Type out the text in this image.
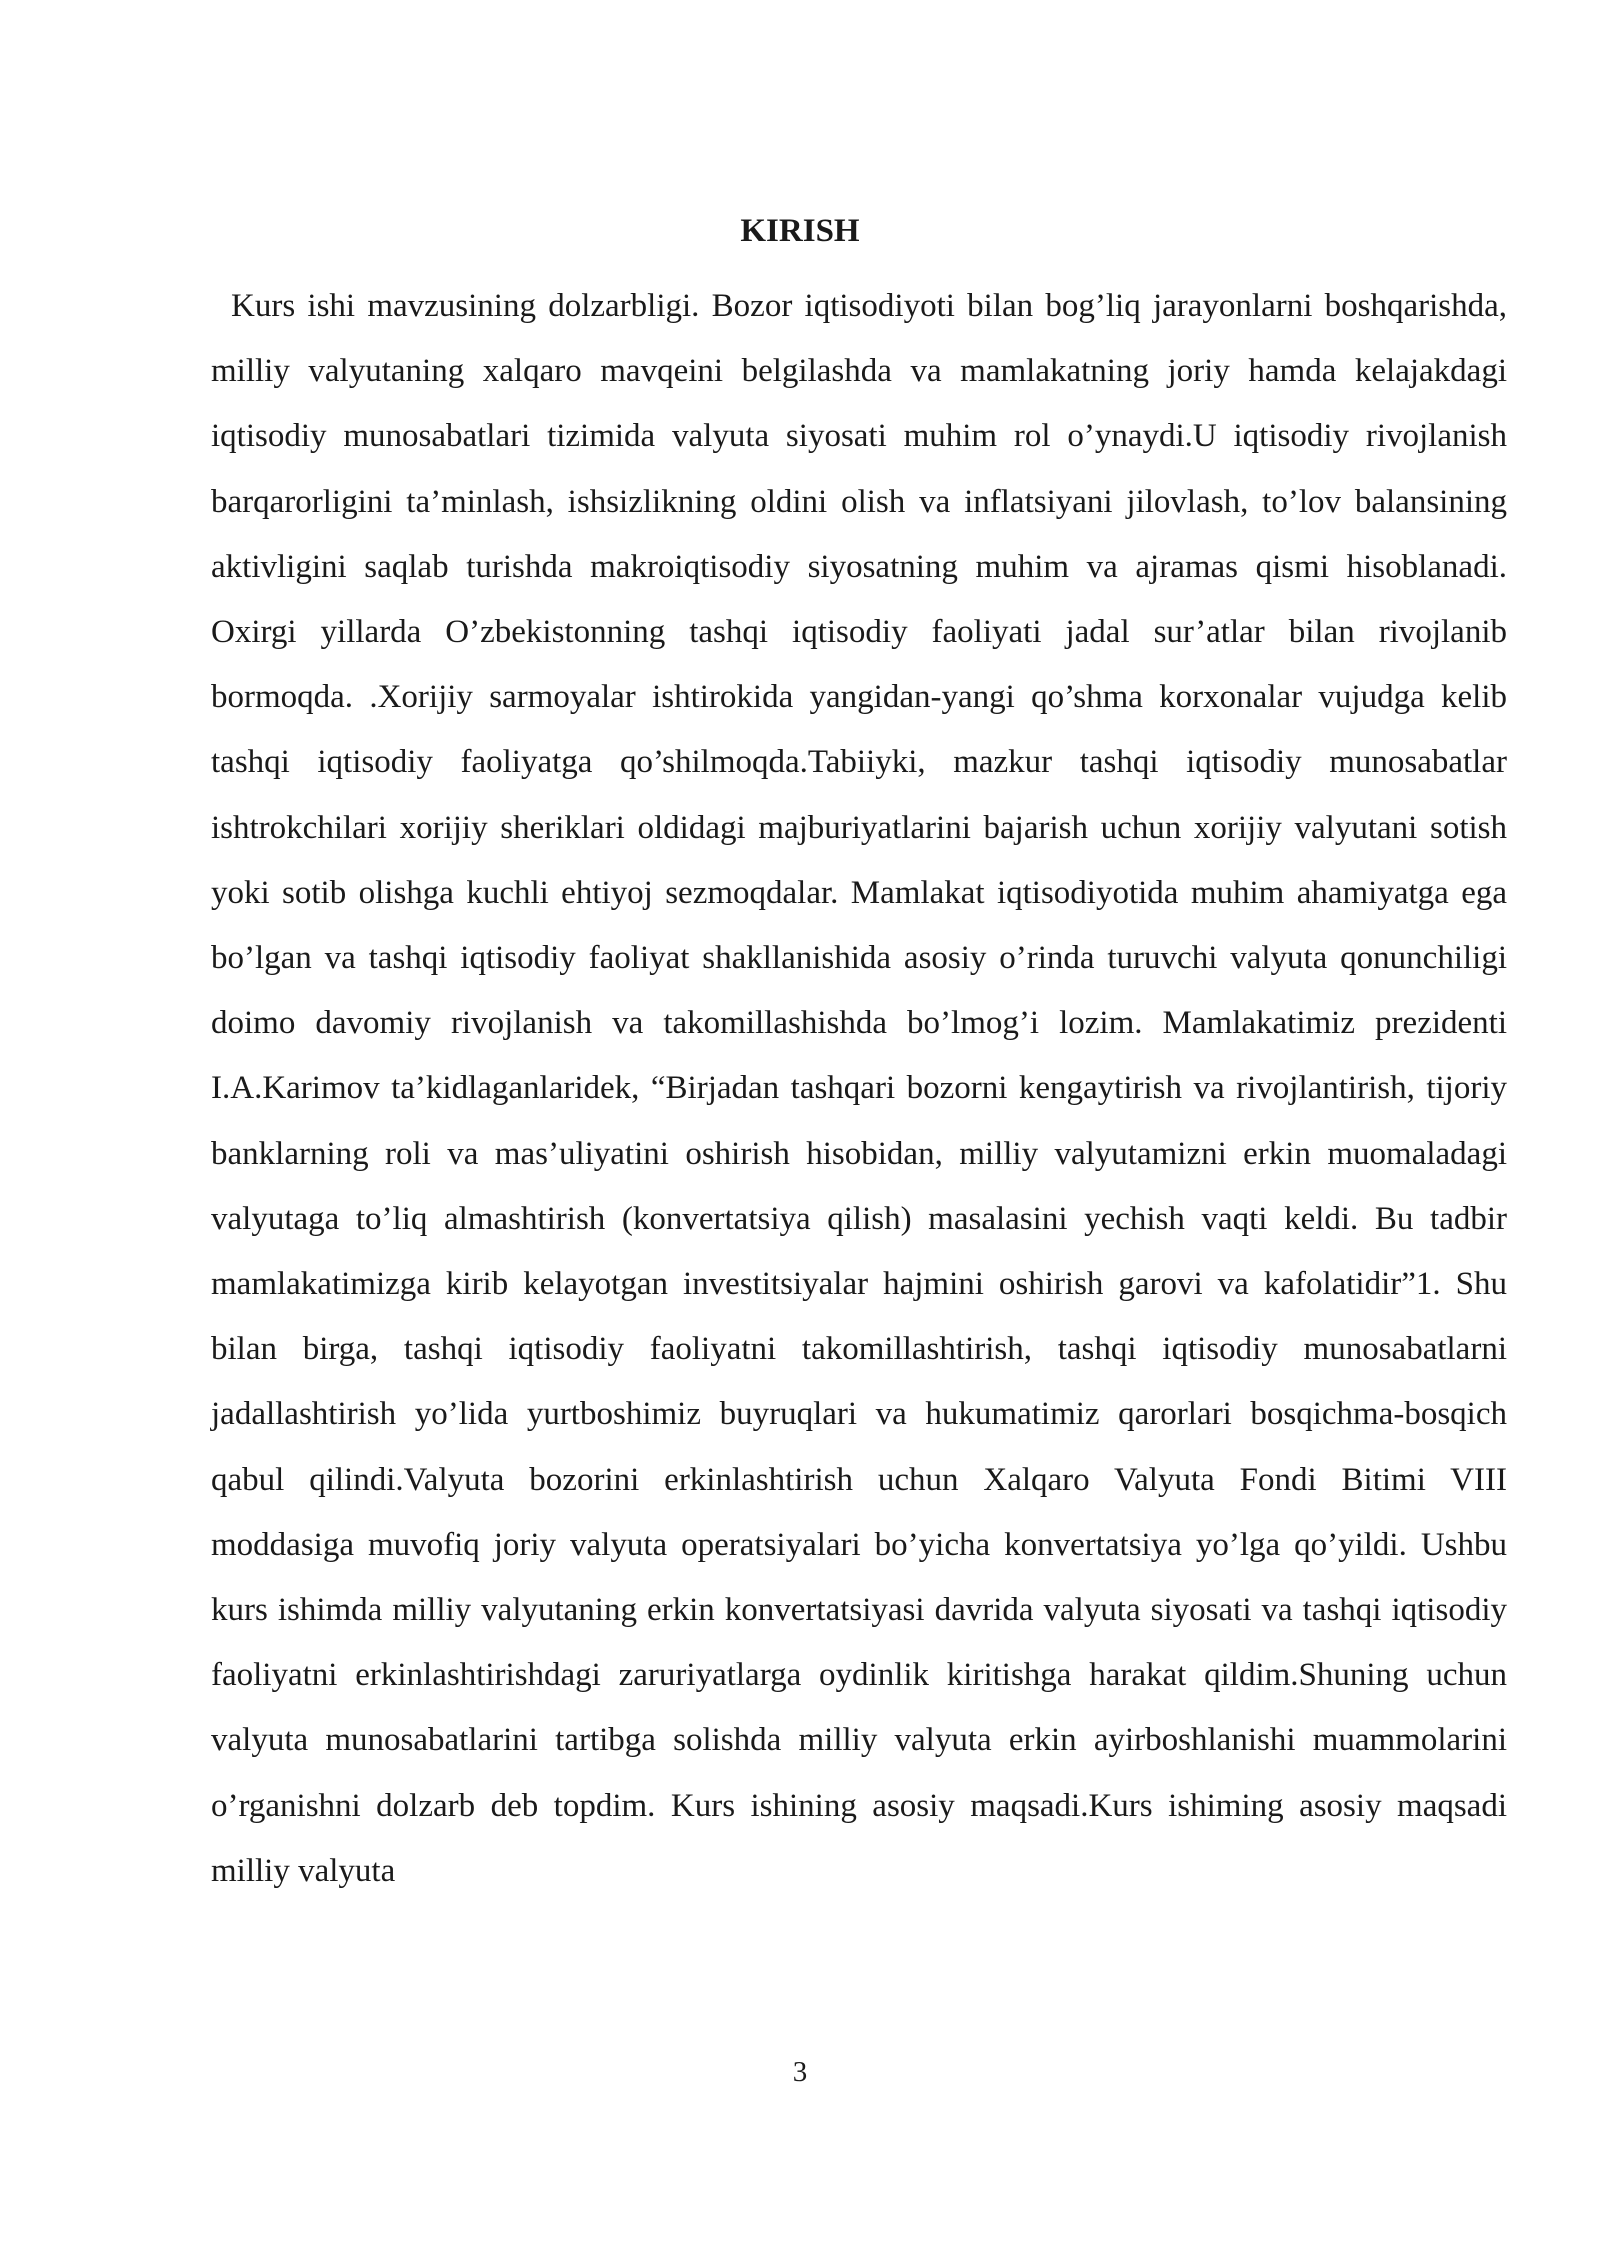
KIRISH

Kurs ishi mavzusining dolzarbligi. Bozor iqtisodiyoti bilan bog’liq jarayonlarni boshqarishda, milliy valyutaning xalqaro mavqeini belgilashda va mamlakatning joriy hamda kelajakdagi iqtisodiy munosabatlari tizimida valyuta siyosati muhim rol o’ynaydi.U iqtisodiy rivojlanish barqarorligini ta’minlash, ishsizlikning oldini olish va inflatsiyani jilovlash, to’lov balansining aktivligini saqlab turishda makroiqtisodiy siyosatning muhim va ajramas qismi hisoblanadi. Oxirgi yillarda O’zbekistonning tashqi iqtisodiy faoliyati jadal sur’atlar bilan rivojlanib bormoqda. .Xorijiy sarmoyalar ishtirokida yangidan-yangi qo’shma korxonalar vujudga kelib tashqi iqtisodiy faoliyatga qo’shilmoqda.Tabiiyki, mazkur tashqi iqtisodiy munosabatlar ishtrokchilari xorijiy sheriklari oldidagi majburiyatlarini bajarish uchun xorijiy valyutani sotish yoki sotib olishga kuchli ehtiyoj sezmoqdalar. Mamlakat iqtisodiyotida muhim ahamiyatga ega bo’lgan va tashqi iqtisodiy faoliyat shakllanishida asosiy o’rinda turuvchi valyuta qonunchiligi doimo davomiy rivojlanish va takomillashishda bo’lmog’i lozim. Mamlakatimiz prezidenti I.A.Karimov ta’kidlaganlaridek, “Birjadan tashqari bozorni kengaytirish va rivojlantirish, tijoriy banklarning roli va mas’uliyatini oshirish hisobidan, milliy valyutamizni erkin muomaladagi valyutaga to’liq almashtirish (konvertatsiya qilish) masalasini yechish vaqti keldi. Bu tadbir mamlakatimizga kirib kelayotgan investitsiyalar hajmini oshirish garovi va kafolatidir”1. Shu bilan birga, tashqi iqtisodiy faoliyatni takomillashtirish, tashqi iqtisodiy munosabatlarni jadallashtirish yo’lida yurtboshimiz buyruqlari va hukumatimiz qarorlari bosqichma-bosqich qabul qilindi.Valyuta bozorini erkinlashtirish uchun Xalqaro Valyuta Fondi Bitimi VIII moddasiga muvofiq joriy valyuta operatsiyalari bo’yicha konvertatsiya yo’lga qo’yildi. Ushbu kurs ishimda milliy valyutaning erkin konvertatsiyasi davrida valyuta siyosati va tashqi iqtisodiy faoliyatni erkinlashtirishdagi zaruriyatlarga oydinlik kiritishga harakat qildim.Shuning uchun valyuta munosabatlarini tartibga solishda milliy valyuta erkin ayirboshlanishi muammolarini o’rganishni dolzarb deb topdim. Kurs ishining asosiy maqsadi.Kurs ishiming asosiy maqsadi milliy valyuta

3
